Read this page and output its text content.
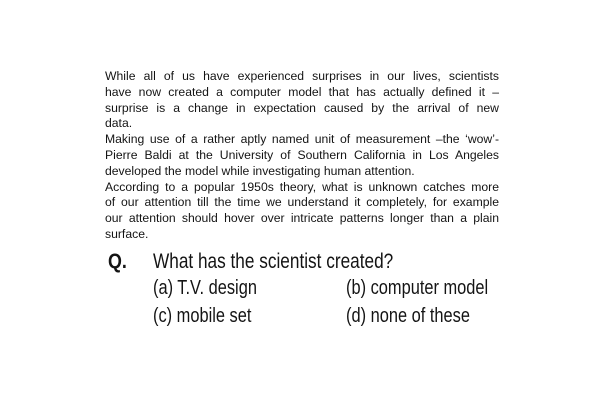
While all of us have experienced surprises in our lives, scientists
have now created a computer model that has actually defined it –
surprise is a change in expectation caused by the arrival of new
data.
Making use of a rather aptly named unit of measurement –the ‘wow’-
Pierre Baldi at the University of Southern California in Los Angeles
developed the model while investigating human attention.
According to a popular 1950s theory, what is unknown catches more
of our attention till the time we understand it completely, for example
our attention should hover over intricate patterns longer than a plain
surface.
Q. What has the scientist created?
(a) T.V. design	(b) computer model
(c) mobile set	(d) none of these
